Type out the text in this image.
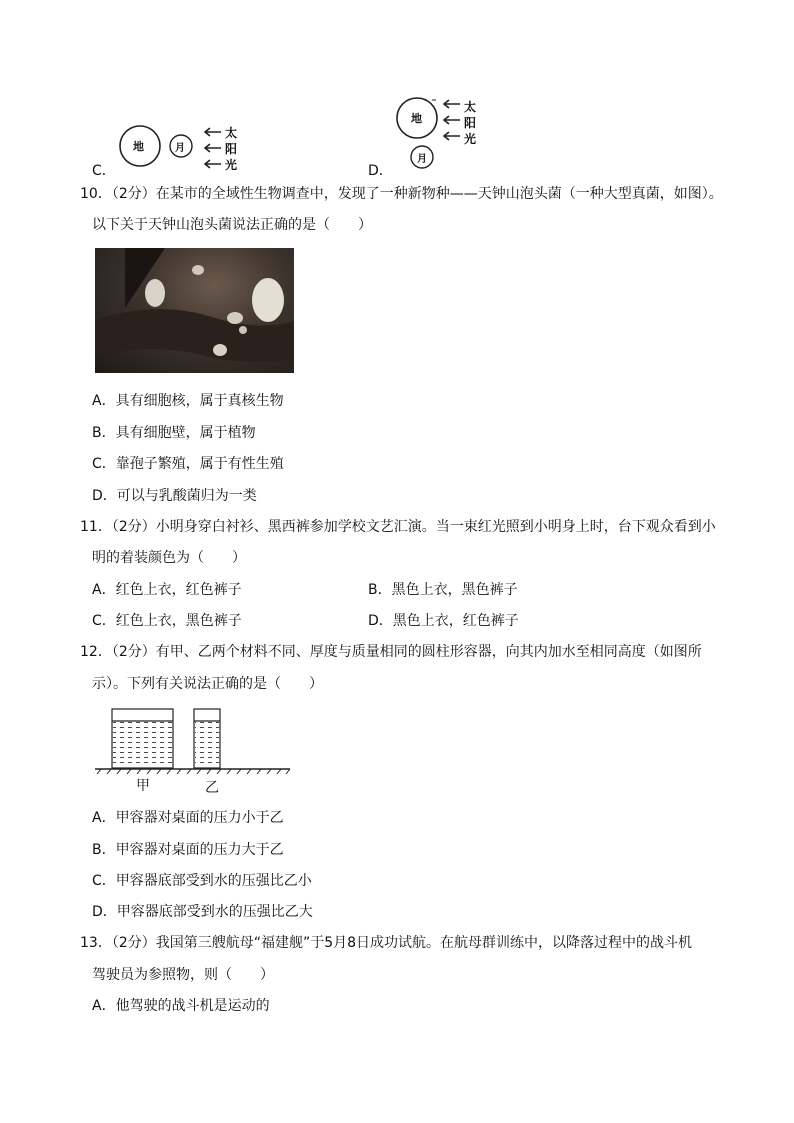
地	月
太
阳
光
C．
地
月
太
阳
光
D．
10．（2分）在某市的全域性生物调查中，发现了一种新物种——天钟山泡头菌（一种大型真菌，如图）。
以下关于天钟山泡头菌说法正确的是（　　）
A．具有细胞核，属于真核生物
B．具有细胞壁，属于植物
C．靠孢子繁殖，属于有性生殖
D．可以与乳酸菌归为一类
11．（2分）小明身穿白衬衫、黑西裤参加学校文艺汇演。当一束红光照到小明身上时，台下观众看到小
明的着装颜色为（　　）
A．红色上衣，红色裤子	B．黑色上衣，黑色裤子
C．红色上衣，黑色裤子	D．黑色上衣，红色裤子
12．（2分）有甲、乙两个材料不同、厚度与质量相同的圆柱形容器，向其内加水至相同高度（如图所
示）。下列有关说法正确的是（　　）
甲	乙
A．甲容器对桌面的压力小于乙
B．甲容器对桌面的压力大于乙
C．甲容器底部受到水的压强比乙小
D．甲容器底部受到水的压强比乙大
13．（2分）我国第三艘航母“福建舰”于5月8日成功试航。在航母群训练中，以降落过程中的战斗机
驾驶员为参照物，则（　　）
A．他驾驶的战斗机是运动的
